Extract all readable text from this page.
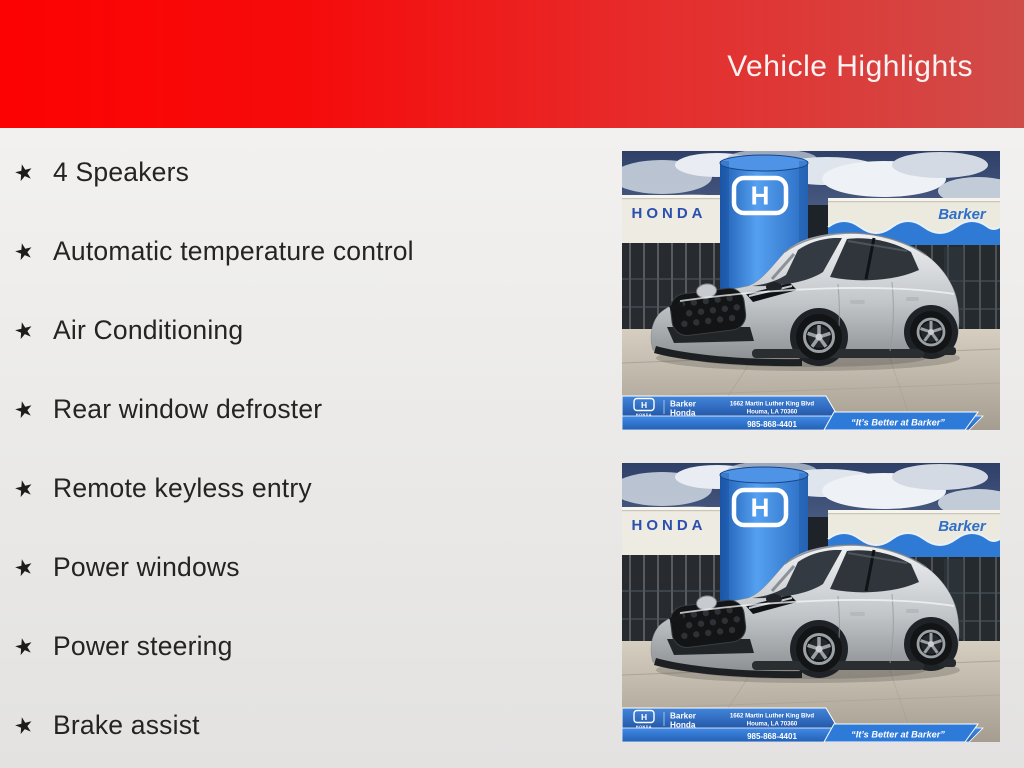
Vehicle Highlights
★ 4 Speakers
★ Automatic temperature control
★ Air Conditioning
★ Rear window defroster
★ Remote keyless entry
★ Power windows
★ Power steering
★ Brake assist
HONDA	Barker
H
H
HONDA
Barker
Honda
1662 Martin Luther King Blvd
Houma, LA 70360
985-868-4401	“It’s Better at Barker”
HONDA	Barker
H
H
HONDA
Barker
Honda
1662 Martin Luther King Blvd
Houma, LA 70360
985-868-4401	“It’s Better at Barker”
